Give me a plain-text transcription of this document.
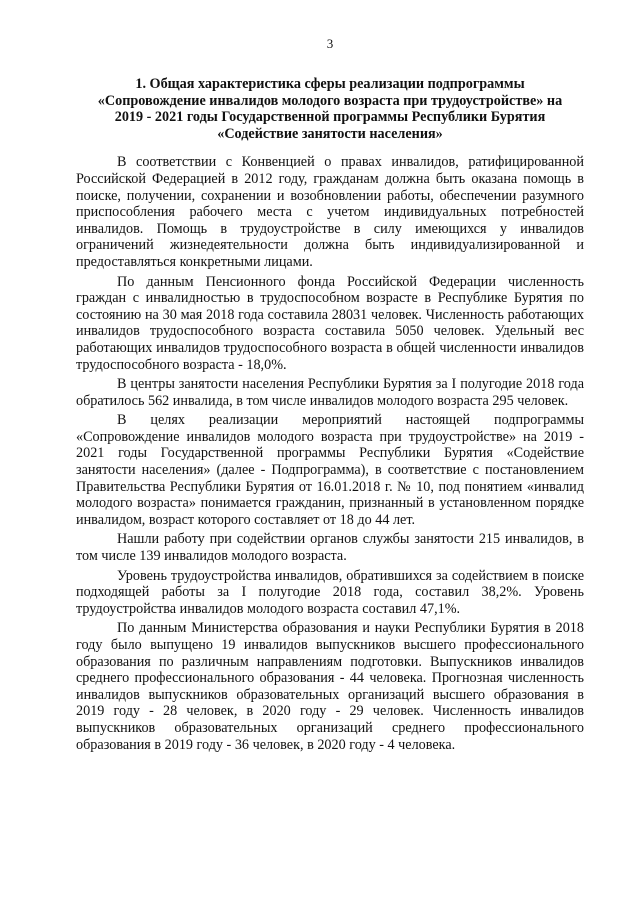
3
1. Общая характеристика сферы реализации подпрограммы
«Сопровождение инвалидов молодого возраста при трудоустройстве» на
2019 - 2021 годы Государственной программы Республики Бурятия
«Содействие занятости населения»

В соответствии с Конвенцией о правах инвалидов, ратифицированной Российской Федерацией в 2012 году, гражданам должна быть оказана помощь в поиске, получении, сохранении и возобновлении работы, обеспечении разумного приспособления рабочего места с учетом индивидуальных потребностей инвалидов. Помощь в трудоустройстве в силу имеющихся у инвалидов ограничений жизнедеятельности должна быть индивидуализированной и предоставляться конкретными лицами.

По данным Пенсионного фонда Российской Федерации численность граждан с инвалидностью в трудоспособном возрасте в Республике Бурятия по состоянию на 30 мая 2018 года составила 28031 человек. Численность работающих инвалидов трудоспособного возраста составила 5050 человек. Удельный вес работающих инвалидов трудоспособного возраста в общей численности инвалидов трудоспособного возраста - 18,0%.

В центры занятости населения Республики Бурятия за I полугодие 2018 года обратилось 562 инвалида, в том числе инвалидов молодого возраста 295 человек.

В целях реализации мероприятий настоящей подпрограммы «Сопровождение инвалидов молодого возраста при трудоустройстве» на 2019 - 2021 годы Государственной программы Республики Бурятия «Содействие занятости населения» (далее - Подпрограмма), в соответствие с постановлением Правительства Республики Бурятия от 16.01.2018 г. № 10, под понятием «инвалид молодого возраста» понимается гражданин, признанный в установленном порядке инвалидом, возраст которого составляет от 18 до 44 лет.

Нашли работу при содействии органов службы занятости 215 инвалидов, в том числе 139 инвалидов молодого возраста.

Уровень трудоустройства инвалидов, обратившихся за содействием в поиске подходящей работы за I полугодие 2018 года, составил 38,2%. Уровень трудоустройства инвалидов молодого возраста составил 47,1%.

По данным Министерства образования и науки Республики Бурятия в 2018 году было выпущено 19 инвалидов выпускников высшего профессионального образования по различным направлениям подготовки. Выпускников инвалидов среднего профессионального образования - 44 человека. Прогнозная численность инвалидов выпускников образовательных организаций высшего образования в 2019 году - 28 человек, в 2020 году - 29 человек. Численность инвалидов выпускников образовательных организаций среднего профессионального образования в 2019 году - 36 человек, в 2020 году - 4 человека.
